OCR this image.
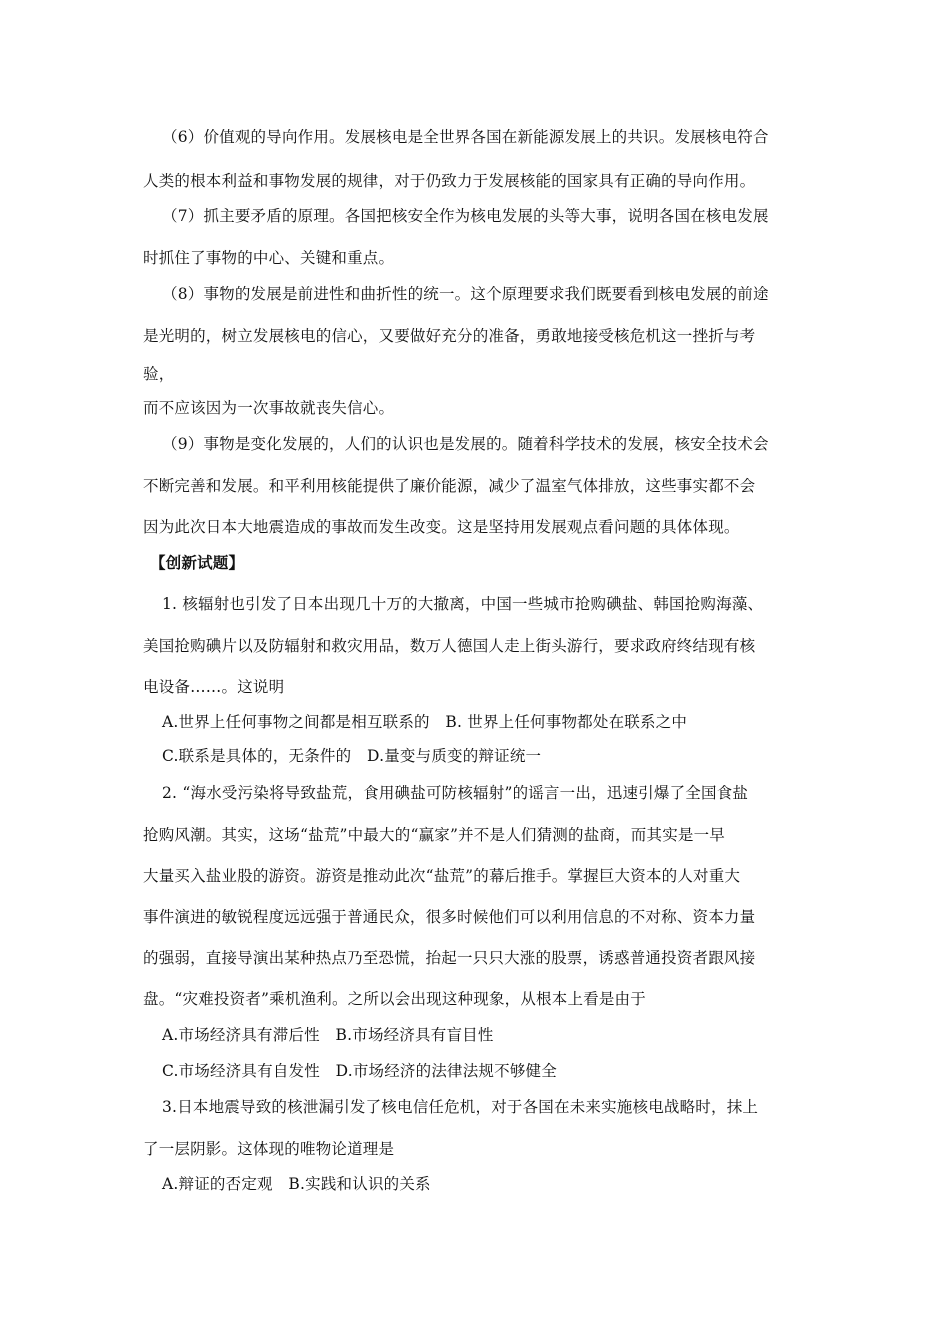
（6）价值观的导向作用。发展核电是全世界各国在新能源发展上的共识。发展核电符合
人类的根本利益和事物发展的规律，对于仍致力于发展核能的国家具有正确的导向作用。
（7）抓主要矛盾的原理。各国把核安全作为核电发展的头等大事，说明各国在核电发展
时抓住了事物的中心、关键和重点。
（8）事物的发展是前进性和曲折性的统一。这个原理要求我们既要看到核电发展的前途
是光明的，树立发展核电的信心，又要做好充分的准备，勇敢地接受核危机这一挫折与考
验，
而不应该因为一次事故就丧失信心。
（9）事物是变化发展的，人们的认识也是发展的。随着科学技术的发展，核安全技术会
不断完善和发展。和平利用核能提供了廉价能源，减少了温室气体排放，这些事实都不会
因为此次日本大地震造成的事故而发生改变。这是坚持用发展观点看问题的具体体现。
【创新试题】
1. 核辐射也引发了日本出现几十万的大撤离，中国一些城市抢购碘盐、韩国抢购海藻、
美国抢购碘片以及防辐射和救灾用品，数万人德国人走上街头游行，要求政府终结现有核
电设备……。这说明
A.世界上任何事物之间都是相互联系的　B. 世界上任何事物都处在联系之中
C.联系是具体的，无条件的　D.量变与质变的辩证统一
2. “海水受污染将导致盐荒，食用碘盐可防核辐射”的谣言一出，迅速引爆了全国食盐
抢购风潮。其实，这场“盐荒”中最大的“赢家”并不是人们猜测的盐商，而其实是一早
大量买入盐业股的游资。游资是推动此次“盐荒”的幕后推手。掌握巨大资本的人对重大
事件演进的敏锐程度远远强于普通民众，很多时候他们可以利用信息的不对称、资本力量
的强弱，直接导演出某种热点乃至恐慌，抬起一只只大涨的股票，诱惑普通投资者跟风接
盘。“灾难投资者”乘机渔利。之所以会出现这种现象，从根本上看是由于
A.市场经济具有滞后性　B.市场经济具有盲目性
C.市场经济具有自发性　D.市场经济的法律法规不够健全
3.日本地震导致的核泄漏引发了核电信任危机，对于各国在未来实施核电战略时，抹上
了一层阴影。这体现的唯物论道理是
A.辩证的否定观　B.实践和认识的关系
